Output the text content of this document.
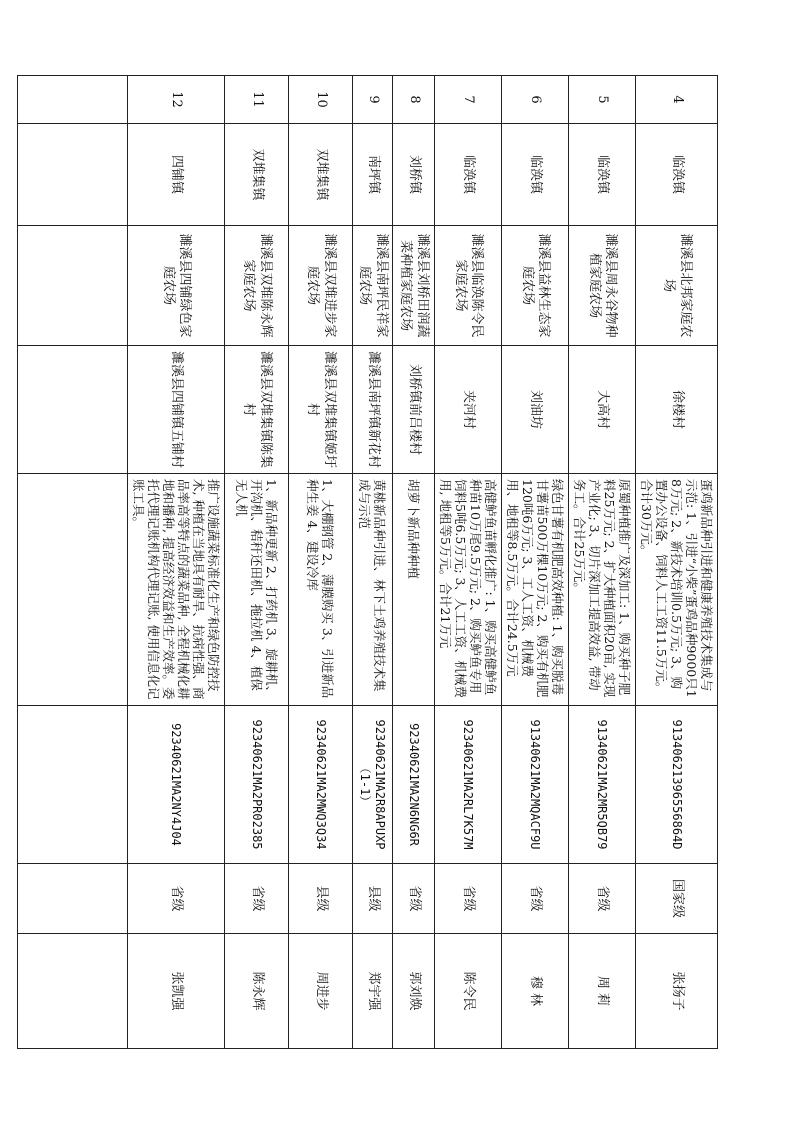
4	临涣镇	濉溪县北邦家庭农场	徐楼村	蛋鸡新品种引进和健康养殖技术集成与示范: 1、引进“小柴”蛋鸡品种9000只18万元; 2、新技术培训0.5万元; 3、购置办公设备、饲料人工工资11.5万元。合计30万元。	91340621396556864D	国家级	张扬子
5	临涣镇	濉溪县周永谷物种植家庭农场	大高村	原蜀种植推广及深加工: 1、购买种子肥料25万元; 2、扩大种植面积20亩, 实现产业化; 3、切片深加工提高效益, 带动务工。合计25万元。	91340621MA2MR5QB79	省级	周 莉
6	临涣镇	濉溪县益林生态家庭农场	刘油坊	绿色甘薯有机肥高效种植: 1、购买脱毒甘薯苗500万棵10万元; 2、购买有机肥120吨6万元; 3、工人工资、机械费用、地租等8.5万元。合计24.5万元	91340621MA2MQACF9U	省级	穆 林
7	临涣镇	濉溪县临涣陈令民家庭农场	夹河村	高健鲈鱼苗孵化推广: 1、购买高健鲈鱼种苗10万尾9.5万元; 2、购买鲈鱼专用饲料5吨6.5万元; 3、人工工资、机械费用, 地租等5万元。合计21万元	92340621MA2RL7K57M	省级	陈令民
8	刘桥镇	濉溪县刘桥田润蔬菜种植家庭农场	刘桥镇前吕楼村	胡萝卜新品种种植	92340621MA2N6NG6R	省级	郭刘焕
9	南坪镇	濉溪县南坪民祥家庭农场	濉溪县南坪镇新花村	黄桃新品种引进、林下土鸡养殖技术集成与示范	92340621MA2R8APUXP（1-1）	县级	郑宇强
10	双堆集镇	濉溪县双堆进步家庭农场	濉溪县双堆集镇姬圩村	1、大棚钢管 2、薄膜购买 3、引进新品种生姜 4、建设冷库	92340621MA2MWQ3Q34	县级	周进步
11	双堆集镇	濉溪县双堆陈永辉家庭农场	濉溪县双堆集镇陈集村	1、新品种更新 2、打药机 3、旋耕机、开沟机、秸秆还田机、拖拉机 4、植保无人机	92340621MA2PR02385	省级	陈永辉
12	四铺镇	濉溪县四铺绿色家庭农场	濉溪县四铺镇五铺村	推广设施蔬菜标准化生产和绿色防控技术, 种植在当地具有耐旱、抗病性强、商品率高等特点的蔬菜品种, 全程机械化耕地和播种, 提高经济效益和生产效率。委托代理记账机构代理记账, 使用信息化记账工具。	92340621MA2NY4J04	省级	张凯强
